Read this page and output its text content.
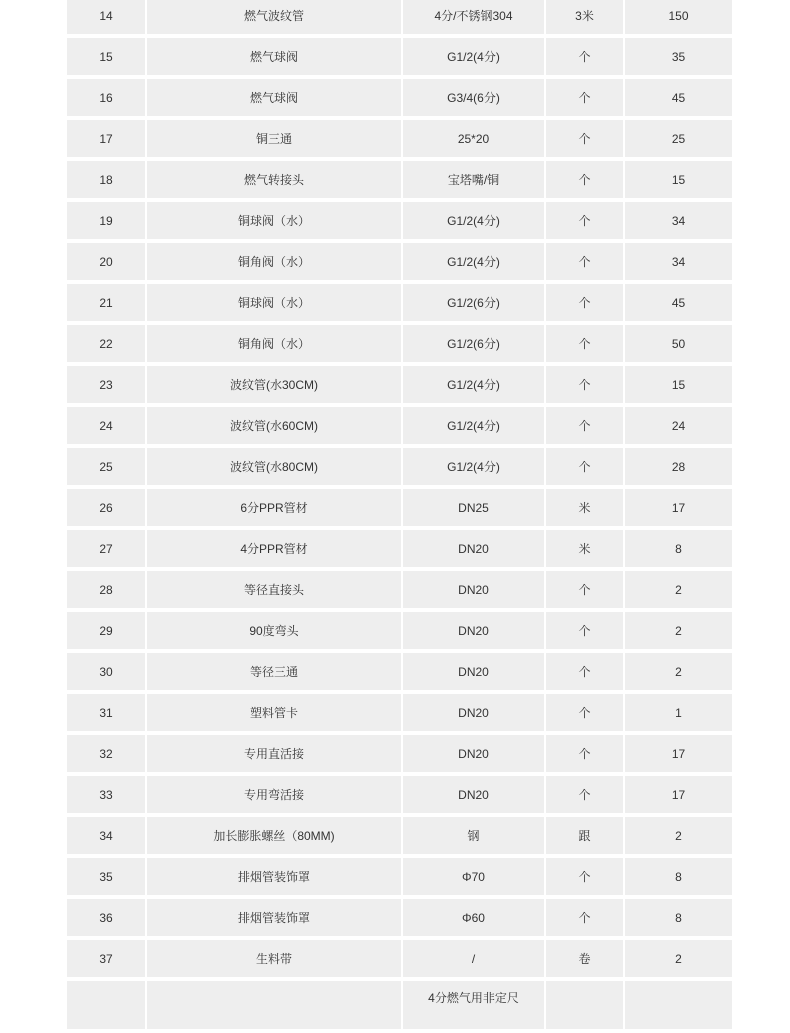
14	燃气波纹管	4分/不锈钢304	3米	150
15	燃气球阀	G1/2(4分)	个	35
16	燃气球阀	G3/4(6分)	个	45
17	铜三通	25*20	个	25
18	燃气转接头	宝塔嘴/铜	个	15
19	铜球阀（水）	G1/2(4分)	个	34
20	铜角阀（水）	G1/2(4分)	个	34
21	铜球阀（水）	G1/2(6分)	个	45
22	铜角阀（水）	G1/2(6分)	个	50
23	波纹管(水30CM)	G1/2(4分)	个	15
24	波纹管(水60CM)	G1/2(4分)	个	24
25	波纹管(水80CM)	G1/2(4分)	个	28
26	6分PPR管材	DN25	米	17
27	4分PPR管材	DN20	米	8
28	等径直接头	DN20	个	2
29	90度弯头	DN20	个	2
30	等径三通	DN20	个	2
31	塑料管卡	DN20	个	1
32	专用直活接	DN20	个	17
33	专用弯活接	DN20	个	17
34	加长膨胀螺丝（80MM)	钢	跟	2
35	排烟管装饰罩	Φ70	个	8
36	排烟管装饰罩	Φ60	个	8
37	生料带	/	卷	2
		4分燃气用非定尺		
